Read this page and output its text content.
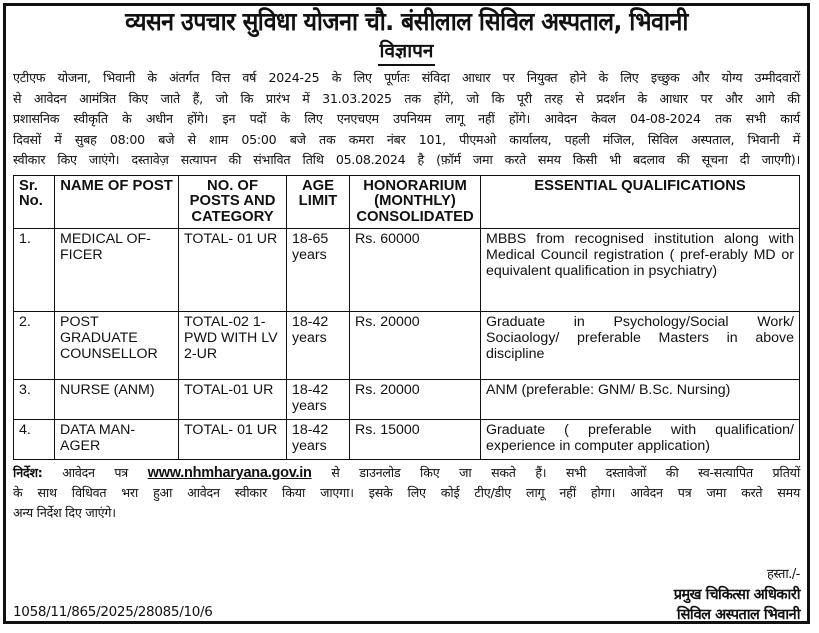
व्यसन उपचार सुविधा योजना चौ. बंसीलाल सिविल अस्पताल, भिवानी
विज्ञापन
एटीएफ योजना, भिवानी के अंतर्गत वित्त वर्ष 2024-25 के लिए पूर्णतः संविदा आधार पर नियुक्त होने के लिए इच्छुक और योग्य उम्मीदवारों
से आवेदन आमंत्रित किए जाते हैं, जो कि प्रारंभ में 31.03.2025 तक होंगे, जो कि पूरी तरह से प्रदर्शन के आधार पर और आगे की
प्रशासनिक स्वीकृति के अधीन होंगे। इन पदों के लिए एनएचएम उपनियम लागू नहीं होंगे। आवेदन केवल 04-08-2024 तक सभी कार्य
दिवसों में सुबह 08:00 बजे से शाम 05:00 बजे तक कमरा नंबर 101, पीएमओ कार्यालय, पहली मंजिल, सिविल अस्पताल, भिवानी में
स्वीकार किए जाएंगे। दस्तावेज़ सत्यापन की संभावित तिथि 05.08.2024 है (फ़ॉर्म जमा करते समय किसी भी बदलाव की सूचना दी जाएगी)।
Sr. No.	NAME OF POST	NO. OF POSTS AND CATEGORY	AGE LIMIT	HONORARIUM (MONTHLY) CONSOLIDATED	ESSENTIAL QUALIFICATIONS
1.	MEDICAL OF-FICER	TOTAL- 01 UR	18-65 years	Rs. 60000	MBBS from recognised institution along with Medical Council registration ( pref-erably MD or equivalent qualification in psychiatry)
2.	POST GRADUATE COUNSELLOR	TOTAL-02 1-PWD WITH LV 2-UR	18-42 years	Rs. 20000	Graduate in Psychology/Social Work/ Sociaology/ preferable Masters in above discipline
3.	NURSE (ANM)	TOTAL-01 UR	18-42 years	Rs. 20000	ANM (preferable: GNM/ B.Sc. Nursing)
4.	DATA MAN-AGER	TOTAL- 01 UR	18-42 years	Rs. 15000	Graduate ( preferable with qualification/ experience in computer application)
निर्देश: आवेदन पत्र www.nhmharyana.gov.in से डाउनलोड किए जा सकते हैं। सभी दस्तावेजों की स्व-सत्यापित प्रतियों
के साथ विधिवत भरा हुआ आवेदन स्वीकार किया जाएगा। इसके लिए कोई टीए/डीए लागू नहीं होगा। आवेदन पत्र जमा करते समय
अन्य निर्देश दिए जाएंगे।
हस्ता./-
प्रमुख चिकित्सा अधिकारी
सिविल अस्पताल भिवानी
1058/11/865/2025/28085/10/6
